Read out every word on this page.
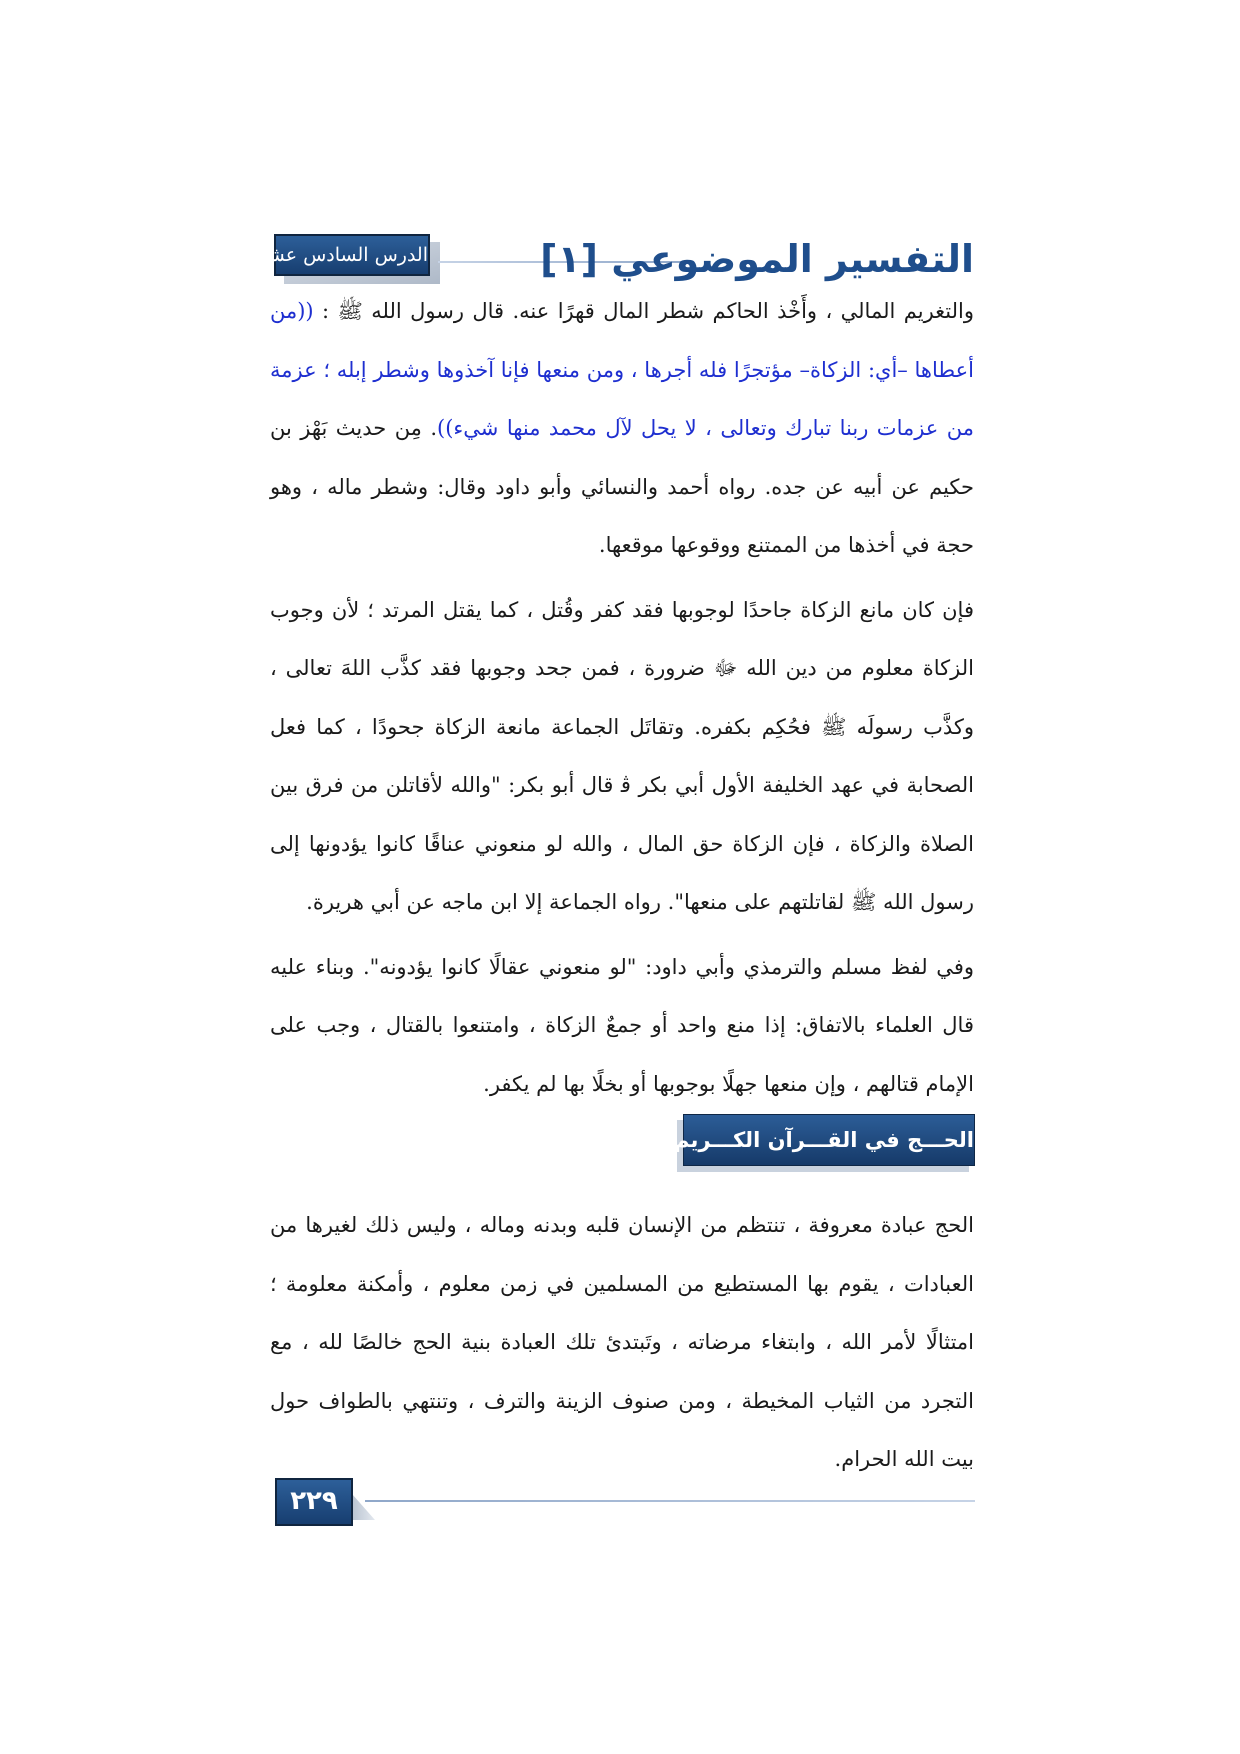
الدرس السادس عشر	التفسير الموضوعي [١]

والتغريم المالي ، وأَخْذ الحاكم شطر المال قهرًا عنه. قال رسول الله ﷺ : ((من أعطاها –أي: الزكاة– مؤتجرًا فله أجرها ، ومن منعها فإنا آخذوها وشطر إبله ؛ عزمة من عزمات ربنا تبارك وتعالى ، لا يحل لآل محمد منها شيء)). مِن حديث بَهْز بن حكيم عن أبيه عن جده. رواه أحمد والنسائي وأبو داود وقال: وشطر ماله ، وهو حجة في أخذها من الممتنع ووقوعها موقعها.

فإن كان مانع الزكاة جاحدًا لوجوبها فقد كفر وقُتل ، كما يقتل المرتد ؛ لأن وجوب الزكاة معلوم من دين الله ﷻ ضرورة ، فمن جحد وجوبها فقد كذَّب اللهَ تعالى ، وكذَّب رسولَه ﷺ فحُكِم بكفره. وتقاتَل الجماعة مانعة الزكاة جحودًا ، كما فعل الصحابة في عهد الخليفة الأول أبي بكر ﭬ قال أبو بكر: "والله لأقاتلن من فرق بين الصلاة والزكاة ، فإن الزكاة حق المال ، والله لو منعوني عناقًا كانوا يؤدونها إلى رسول الله ﷺ لقاتلتهم على منعها". رواه الجماعة إلا ابن ماجه عن أبي هريرة.

وفي لفظ مسلم والترمذي وأبي داود: "لو منعوني عقالًا كانوا يؤدونه". وبناء عليه قال العلماء بالاتفاق: إذا منع واحد أو جمعٌ الزكاة ، وامتنعوا بالقتال ، وجب على الإمام قتالهم ، وإن منعها جهلًا بوجوبها أو بخلًا بها لم يكفر.

الحـــج في القـــرآن الكـــريم

الحج عبادة معروفة ، تنتظم من الإنسان قلبه وبدنه وماله ، وليس ذلك لغيرها من العبادات ، يقوم بها المستطيع من المسلمين في زمن معلوم ، وأمكنة معلومة ؛ امتثالًا لأمر الله ، وابتغاء مرضاته ، وتَبتدئ تلك العبادة بنية الحج خالصًا لله ، مع التجرد من الثياب المخيطة ، ومن صنوف الزينة والترف ، وتنتهي بالطواف حول بيت الله الحرام.

٢٢٩
